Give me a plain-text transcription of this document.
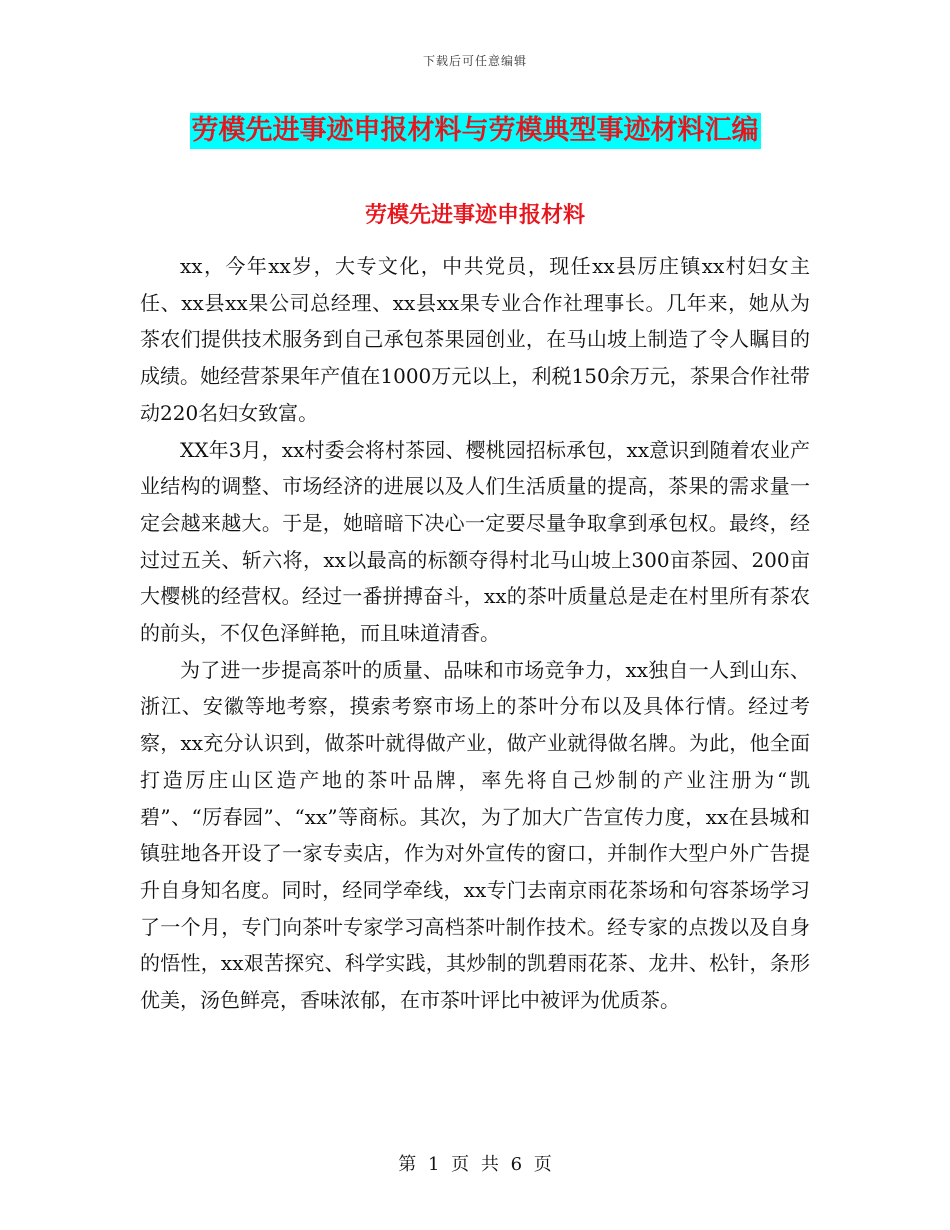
下载后可任意编辑
劳模先进事迹申报材料与劳模典型事迹材料汇编
劳模先进事迹申报材料

xx，今年xx岁，大专文化，中共党员，现任xx县厉庄镇xx村妇女主任、xx县xx果公司总经理、xx县xx果专业合作社理事长。几年来，她从为茶农们提供技术服务到自己承包茶果园创业，在马山坡上制造了令人瞩目的成绩。她经营茶果年产值在1000万元以上，利税150余万元，茶果合作社带动220名妇女致富。

XX年3月，xx村委会将村茶园、樱桃园招标承包，xx意识到随着农业产业结构的调整、市场经济的进展以及人们生活质量的提高，茶果的需求量一定会越来越大。于是，她暗暗下决心一定要尽量争取拿到承包权。最终，经过过五关、斩六将，xx以最高的标额夺得村北马山坡上300亩茶园、200亩大樱桃的经营权。经过一番拼搏奋斗，xx的茶叶质量总是走在村里所有茶农的前头，不仅色泽鲜艳，而且味道清香。

为了进一步提高茶叶的质量、品味和市场竞争力，xx独自一人到山东、浙江、安徽等地考察，摸索考察市场上的茶叶分布以及具体行情。经过考察，xx充分认识到，做茶叶就得做产业，做产业就得做名牌。为此，他全面打造厉庄山区造产地的茶叶品牌，率先将自己炒制的产业注册为“凯碧”、“厉春园”、“xx”等商标。其次，为了加大广告宣传力度，xx在县城和镇驻地各开设了一家专卖店，作为对外宣传的窗口，并制作大型户外广告提升自身知名度。同时，经同学牵线，xx专门去南京雨花茶场和句容茶场学习了一个月，专门向茶叶专家学习高档茶叶制作技术。经专家的点拨以及自身的悟性，xx艰苦探究、科学实践，其炒制的凯碧雨花茶、龙井、松针，条形优美，汤色鲜亮，香味浓郁，在市茶叶评比中被评为优质茶。

第 1 页 共 6 页
